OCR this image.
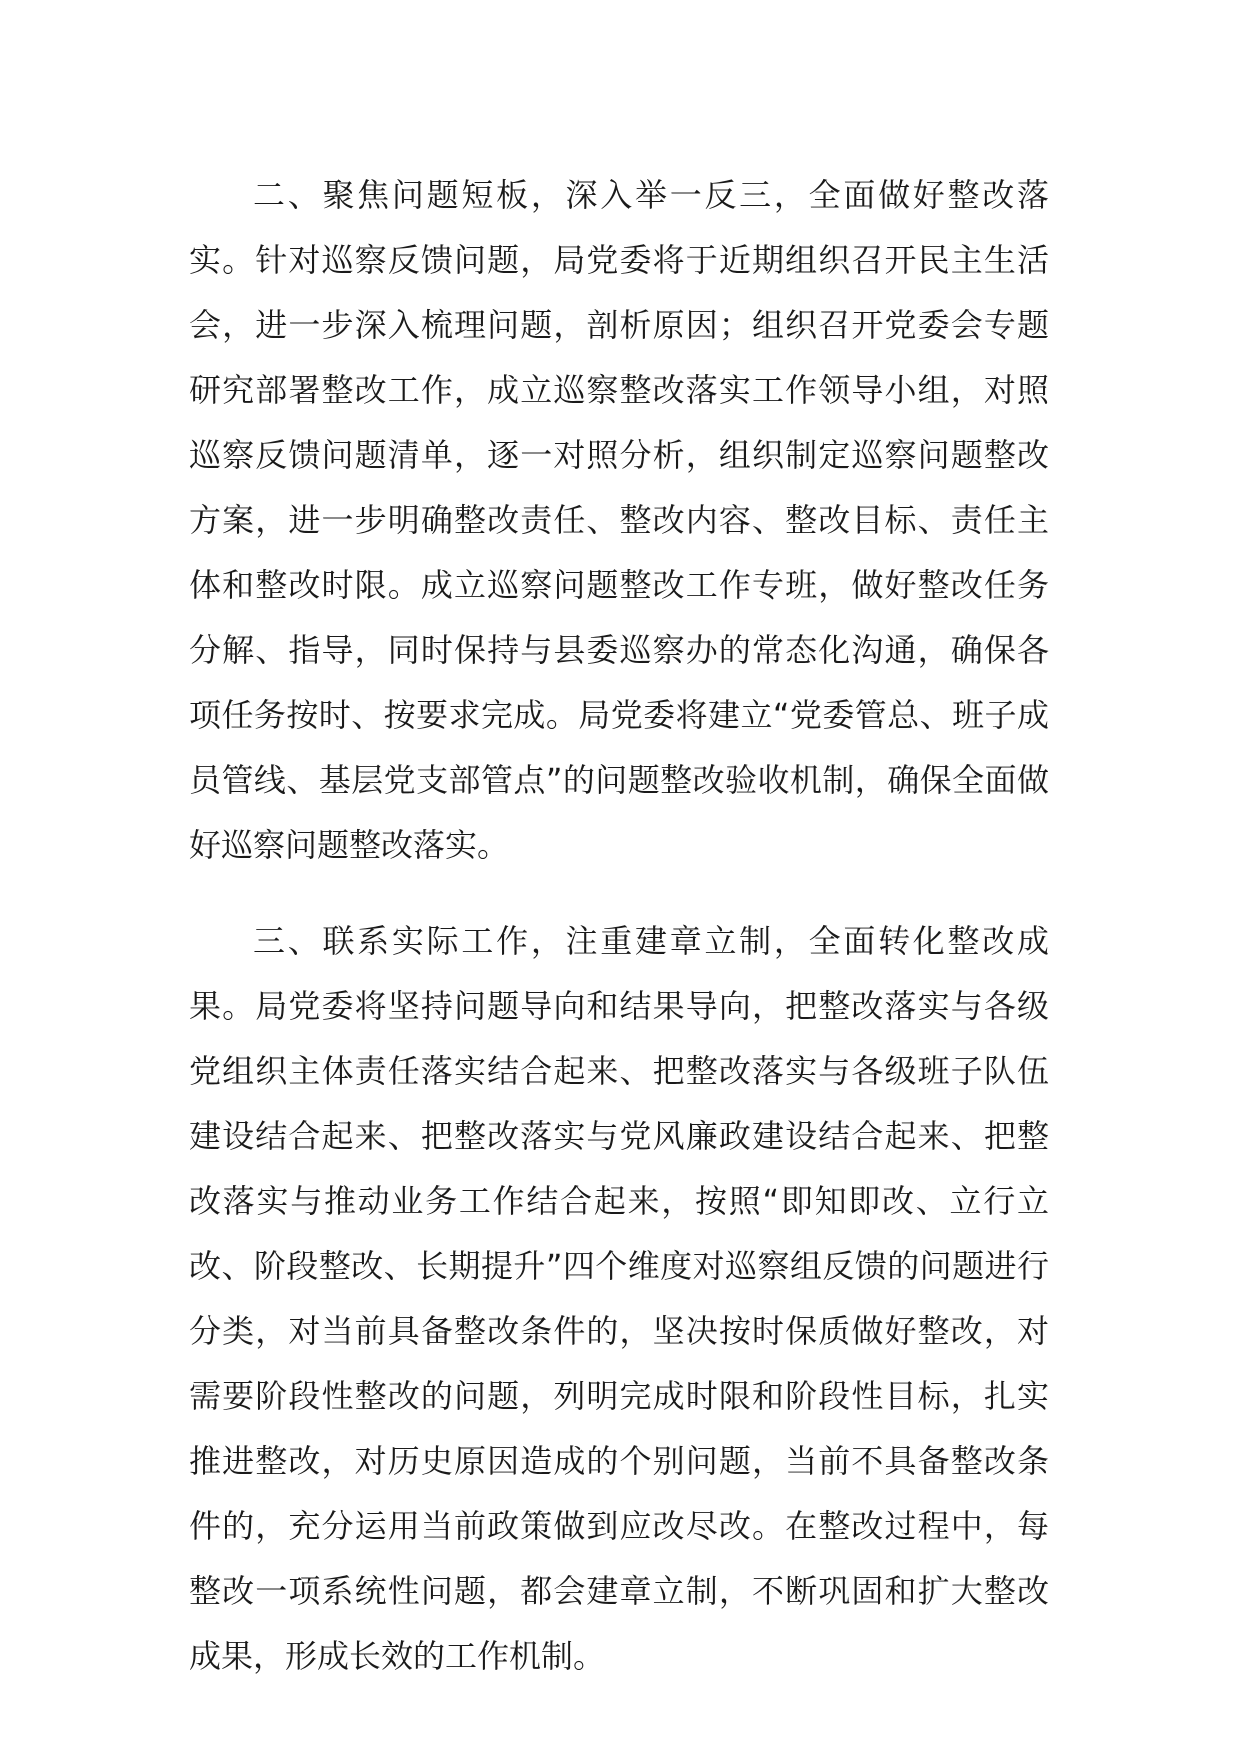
二、聚焦问题短板，深入举一反三，全面做好整改落实。针对巡察反馈问题，局党委将于近期组织召开民主生活会，进一步深入梳理问题，剖析原因；组织召开党委会专题研究部署整改工作，成立巡察整改落实工作领导小组，对照巡察反馈问题清单，逐一对照分析，组织制定巡察问题整改方案，进一步明确整改责任、整改内容、整改目标、责任主体和整改时限。成立巡察问题整改工作专班，做好整改任务分解、指导，同时保持与县委巡察办的常态化沟通，确保各项任务按时、按要求完成。局党委将建立“党委管总、班子成员管线、基层党支部管点”的问题整改验收机制，确保全面做好巡察问题整改落实。

三、联系实际工作，注重建章立制，全面转化整改成果。局党委将坚持问题导向和结果导向，把整改落实与各级党组织主体责任落实结合起来、把整改落实与各级班子队伍建设结合起来、把整改落实与党风廉政建设结合起来、把整改落实与推动业务工作结合起来，按照“即知即改、立行立改、阶段整改、长期提升”四个维度对巡察组反馈的问题进行分类，对当前具备整改条件的，坚决按时保质做好整改，对需要阶段性整改的问题，列明完成时限和阶段性目标，扎实推进整改，对历史原因造成的个别问题，当前不具备整改条件的，充分运用当前政策做到应改尽改。在整改过程中，每整改一项系统性问题，都会建章立制，不断巩固和扩大整改成果，形成长效的工作机制。
